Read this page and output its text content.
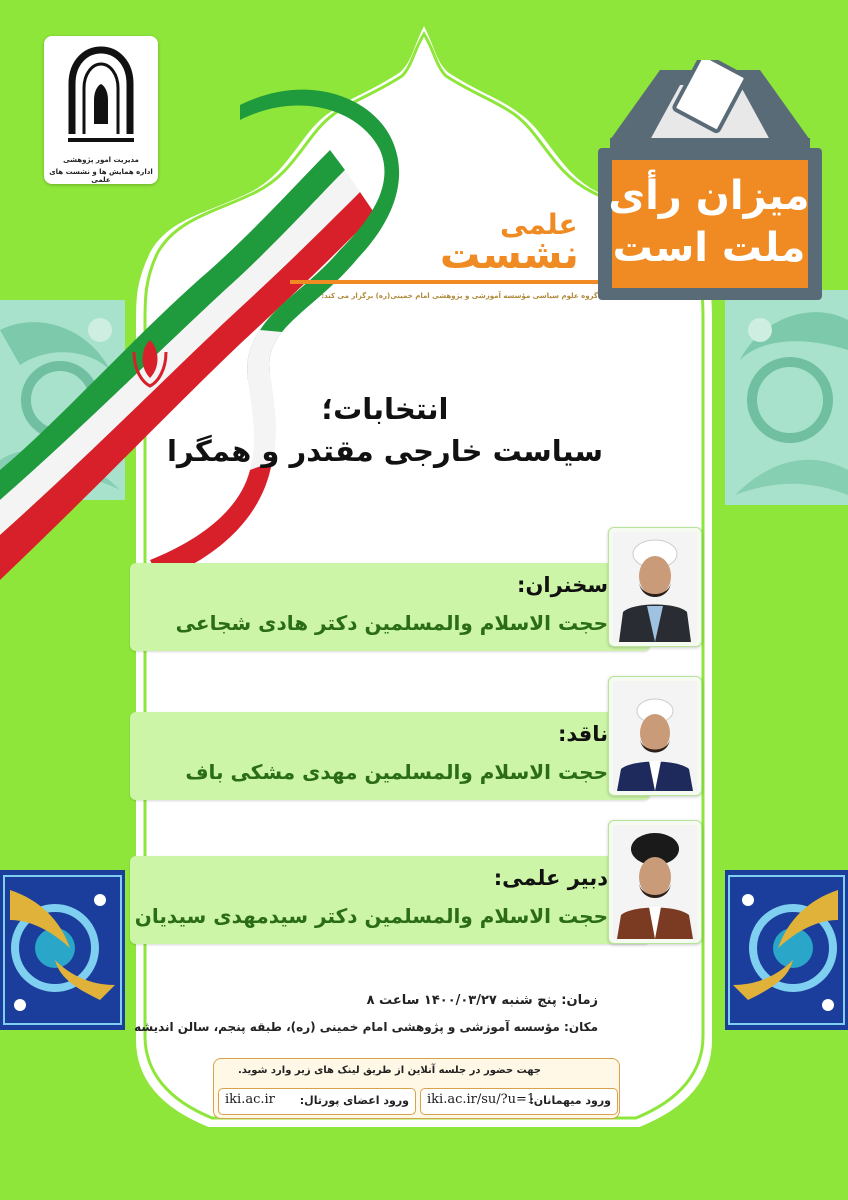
مدیریت امور پژوهشی
اداره همایش ها و نشست های علمی	میزان رأی
ملت است
علمی
نشست
گروه علوم سیاسی مؤسسه آموزشی و پژوهشی امام خمینی(ره) برگزار می کند:
انتخابات؛
سیاست خارجی مقتدر و همگرا
سخنران:
حجت الاسلام والمسلمین دکتر هادی شجاعی
ناقد:
حجت الاسلام والمسلمین مهدی مشکی باف
دبیر علمی:
حجت الاسلام والمسلمین دکتر سیدمهدی سیدیان
زمان: پنج شنبه ۱۴۰۰/۰۳/۲۷ ساعت ۸
مکان: مؤسسه آموزشی و پژوهشی امام خمینی (ره)، طبقه پنجم، سالن اندیشه
جهت حضور در جلسه آنلاین از طریق لینک های زیر وارد شوید.
ورود میهمانان:
iki.ac.ir/su/?u=1
ورود اعضای پورتال:
iki.ac.ir
